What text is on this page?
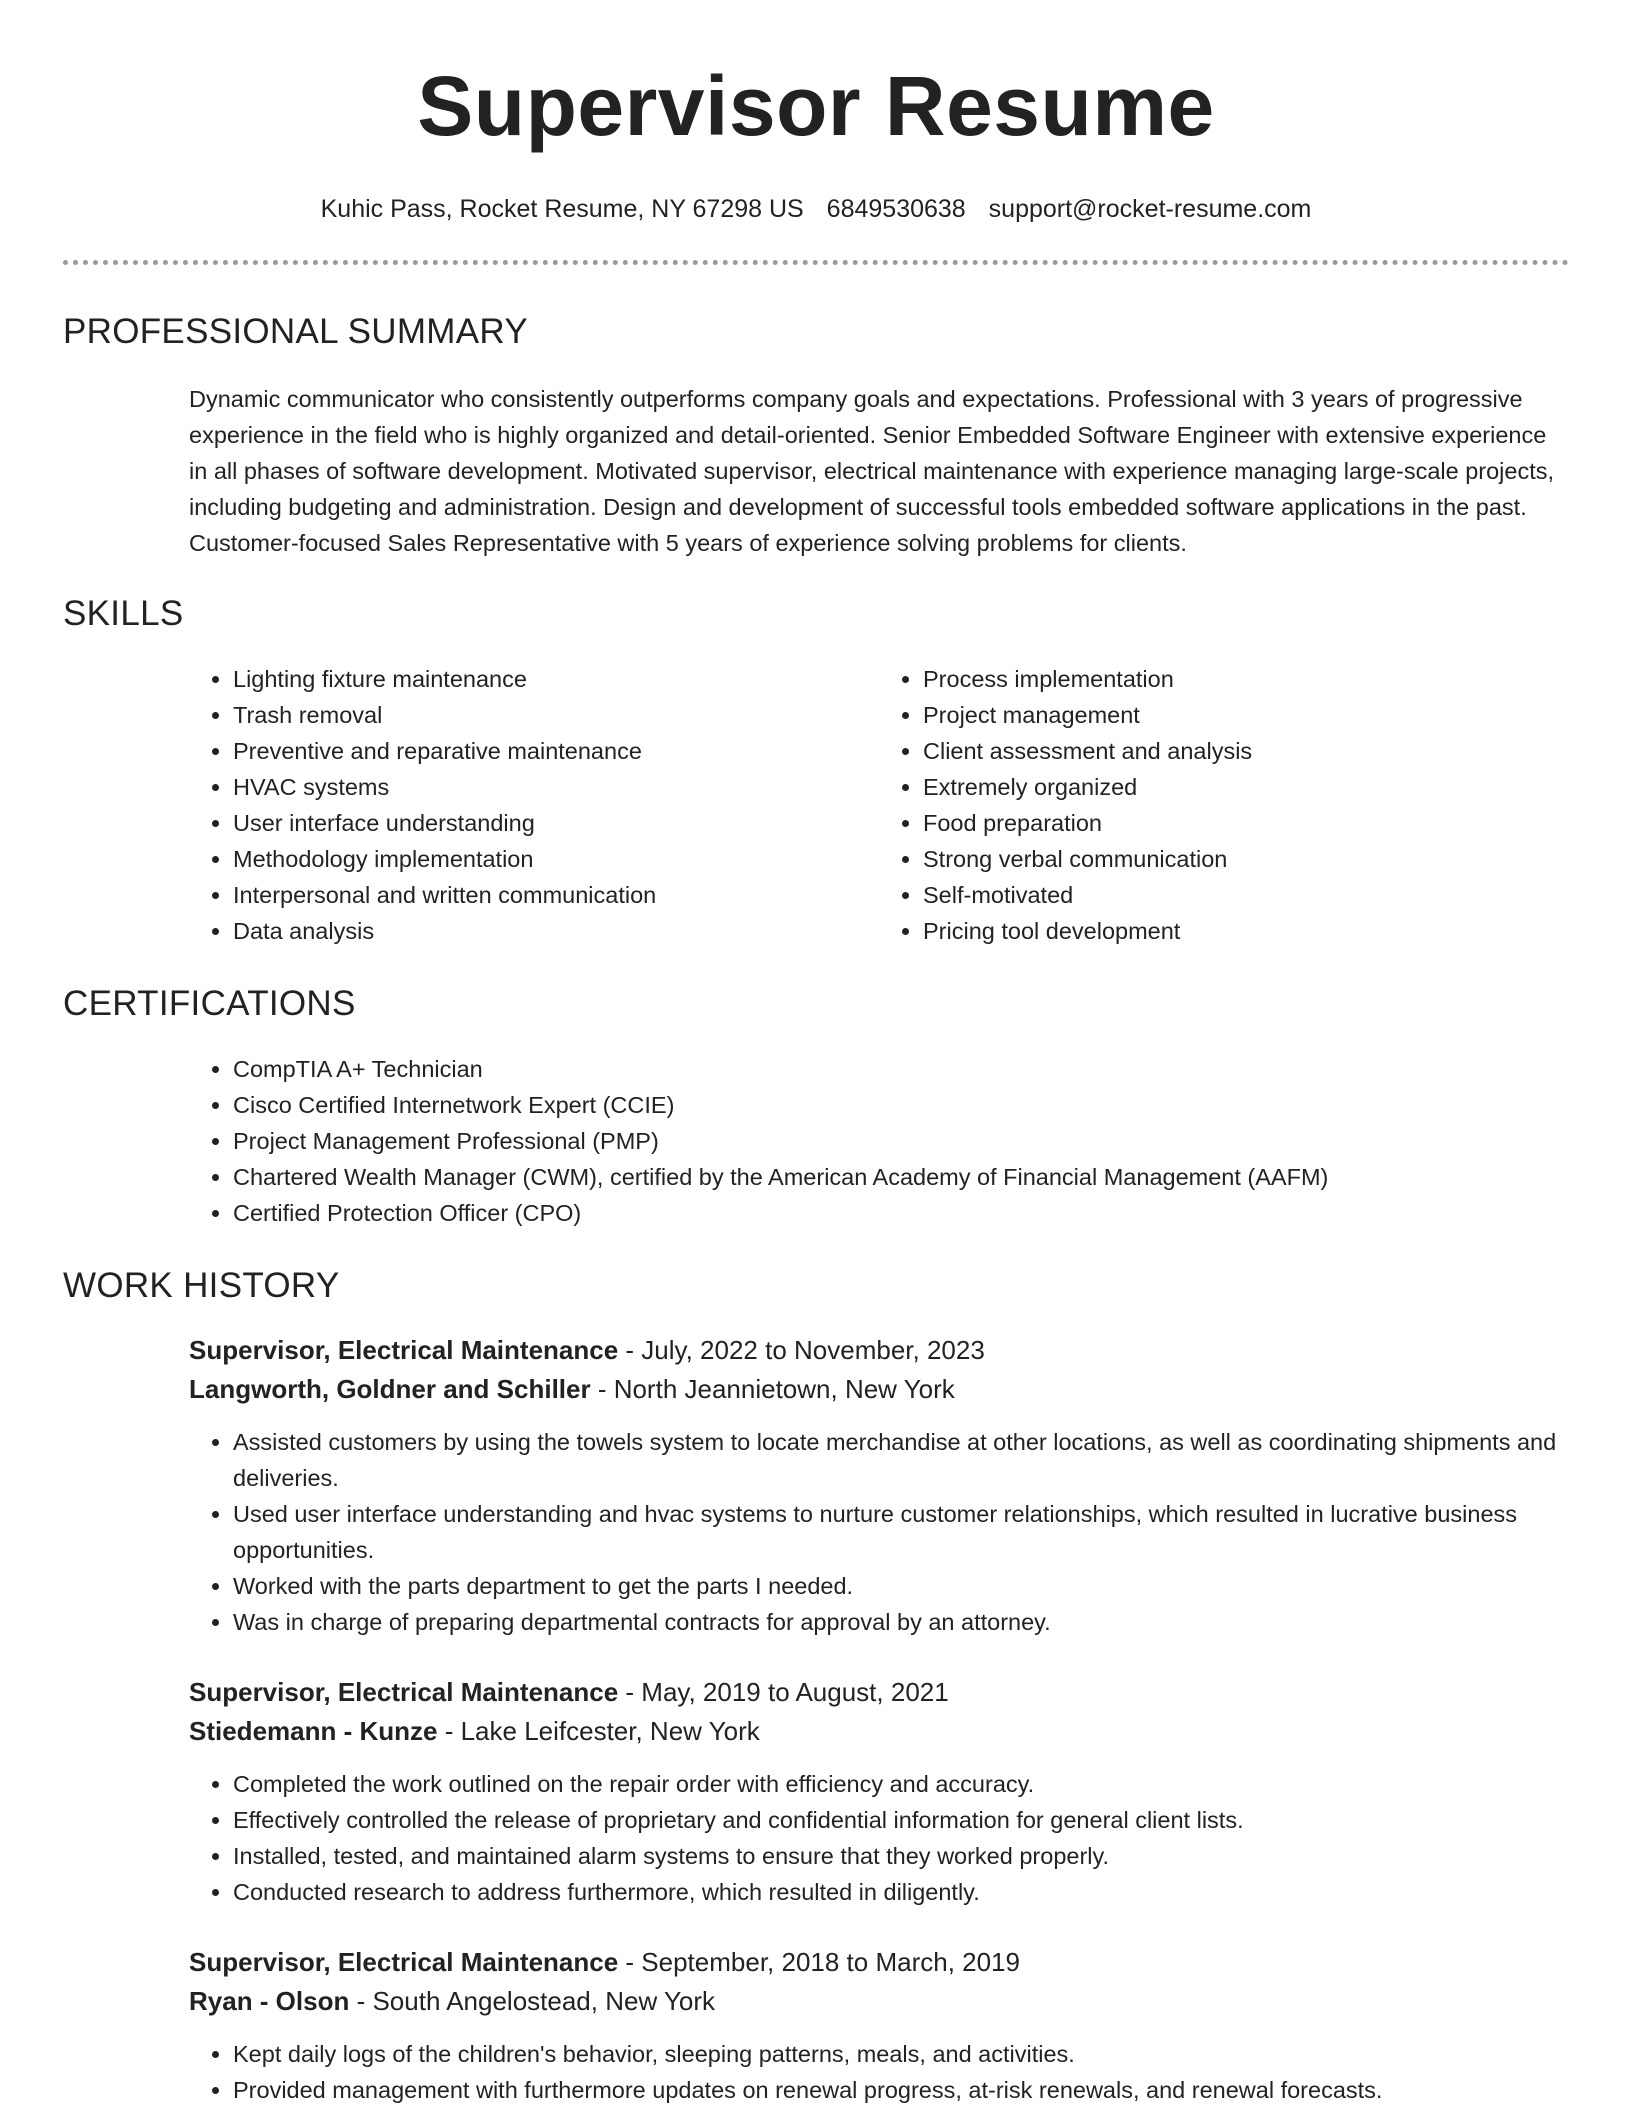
Supervisor Resume
Kuhic Pass, Rocket Resume, NY 67298 US 6849530638 support@rocket-resume.com
PROFESSIONAL SUMMARY

Dynamic communicator who consistently outperforms company goals and expectations. Professional with 3 years of progressive experience in the field who is highly organized and detail-oriented. Senior Embedded Software Engineer with extensive experience in all phases of software development. Motivated supervisor, electrical maintenance with experience managing large-scale projects, including budgeting and administration. Design and development of successful tools embedded software applications in the past. Customer-focused Sales Representative with 5 years of experience solving problems for clients.

SKILLS
• Lighting fixture maintenance
• Trash removal
• Preventive and reparative maintenance
• HVAC systems
• User interface understanding
• Methodology implementation
• Interpersonal and written communication
• Data analysis
• Process implementation
• Project management
• Client assessment and analysis
• Extremely organized
• Food preparation
• Strong verbal communication
• Self-motivated
• Pricing tool development
CERTIFICATIONS
• CompTIA A+ Technician
• Cisco Certified Internetwork Expert (CCIE)
• Project Management Professional (PMP)
• Chartered Wealth Manager (CWM), certified by the American Academy of Financial Management (AAFM)
• Certified Protection Officer (CPO)
WORK HISTORY
Supervisor, Electrical Maintenance - July, 2022 to November, 2023
Langworth, Goldner and Schiller - North Jeannietown, New York
• Assisted customers by using the towels system to locate merchandise at other locations, as well as coordinating shipments and deliveries.
• Used user interface understanding and hvac systems to nurture customer relationships, which resulted in lucrative business opportunities.
• Worked with the parts department to get the parts I needed.
• Was in charge of preparing departmental contracts for approval by an attorney.
Supervisor, Electrical Maintenance - May, 2019 to August, 2021
Stiedemann - Kunze - Lake Leifcester, New York
• Completed the work outlined on the repair order with efficiency and accuracy.
• Effectively controlled the release of proprietary and confidential information for general client lists.
• Installed, tested, and maintained alarm systems to ensure that they worked properly.
• Conducted research to address furthermore, which resulted in diligently.
Supervisor, Electrical Maintenance - September, 2018 to March, 2019
Ryan - Olson - South Angelostead, New York
• Kept daily logs of the children's behavior, sleeping patterns, meals, and activities.
• Provided management with furthermore updates on renewal progress, at-risk renewals, and renewal forecasts.
